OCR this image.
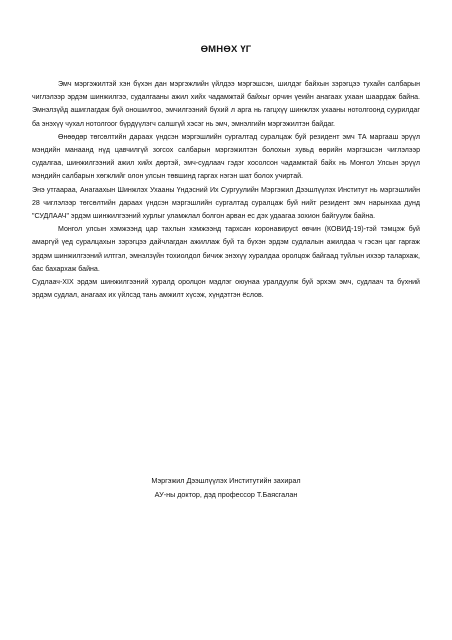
ӨМНӨХ ҮГ

Эмч мэргэжилтэй хэн бүхэн дан мэргэжлийн үйлдээ мэргэшсэн, шилдэг байхын зэрэгцээ тухайн салбарын чиглэлээр эрдэм шинжилгээ, судалгааны ажил хийх чадамжтай байхыг орчин үеийн анагаах ухаан шаардаж байна. Эмнэлзүйд ашиглагдаж буй оношилгоо, эмчилгээний бүхий л арга нь гагцхүү шинжлэх ухааны нотолгоонд суурилдаг ба энэхүү чухал нотолгоог бүрдүүлэгч салшгүй хэсэг нь эмч, эмнэлгийн мэргэжилтэн байдаг.

Өнөөдөр төгсөлтийн дараах үндсэн мэргэшлийн сургалтад суралцаж буй резидент эмч ТА маргааш эрүүл мэндийн манаанд нүд цавчилгүй зогсох салбарын мэргэжилтэн болохын хувьд өөрийн мэргэшсэн чиглэлээр судалгаа, шинжилгээний ажил хийх дөртэй, эмч-судлаач гэдэг хосолсон чадамжтай байх нь Монгол Улсын эрүүл мэндийн салбарын хөгжлийг олон улсын төвшинд гаргах нэгэн шат болох учиртай.

Энэ утгаараа, Анагаахын Шинжлэх Ухааны Үндэсний Их Сургуулийн Мэргэжил Дээшлүүлэх Институт нь мэргэшлийн 28 чиглэлээр төгсөлтийн дараах үндсэн мэргэшлийн сургалтад суралцаж буй нийт резидент эмч нарынхаа дунд "СУДЛААЧ" эрдэм шинжилгээний хурлыг уламжлал болгон арван ес дэх удаагаа зохион байгуулж байна.

Монгол улсын хэмжээнд цар тахлын хэмжээнд тархсан коронавирусt өвчин (КОВИД-19)-тэй тэмцэж буй амаргүй үед суралцахын зэрэгцээ дайчлагдан ажиллаж буй та бүхэн эрдэм судлалын ажилдаа ч гэсэн цаг гаргаж эрдэм шинжилгээний илтгэл, эмнэлзүйн тохиолдол бичиж энэхүү хуралдаа оролцож байгаад туйлын ихээр талархаж, бас бахархаж байна.

Судлаач-XIX эрдэм шинжилгээний хуралд оролцон мэдлэг оюунаа уралдуулж буй эрхэм эмч, судлаач та бүхний эрдэм судлал, анагаах их үйлсэд тань амжилт хүсэж, хүндэтгэн ёслов.

Мэргэжил Дээшлүүлэх Институтийн захирал
АУ-ны доктор, дэд профессор Т.Баясгалан
